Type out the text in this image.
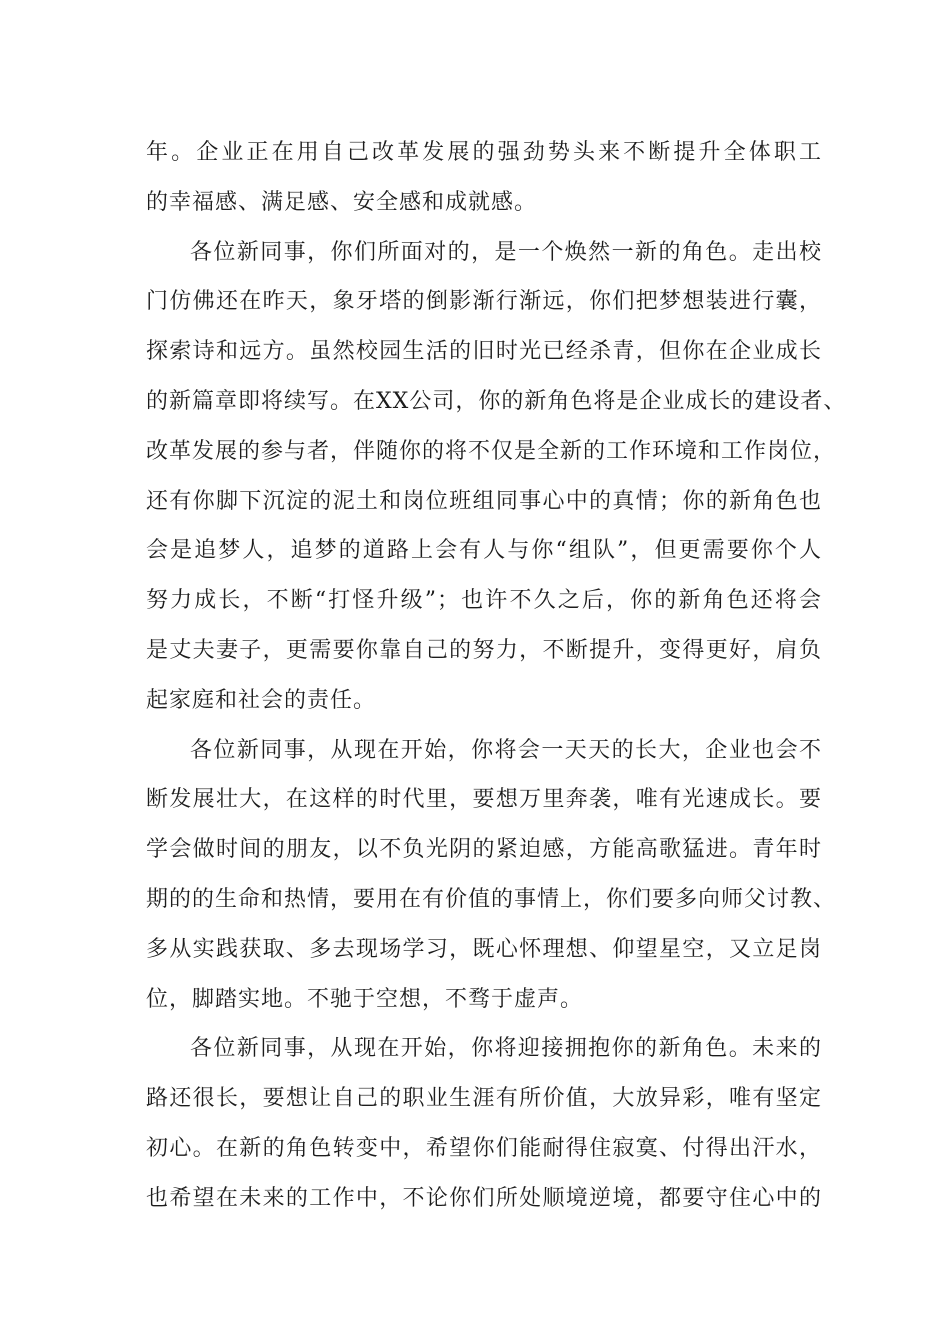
年。企业正在用自己改革发展的强劲势头来不断提升全体职工
的幸福感、满足感、安全感和成就感。
各位新同事，你们所面对的，是一个焕然一新的角色。走出校
门仿佛还在昨天，象牙塔的倒影渐行渐远，你们把梦想装进行囊，
探索诗和远方。虽然校园生活的旧时光已经杀青，但你在企业成长
的新篇章即将续写。在XX公司，你的新角色将是企业成长的建设者、
改革发展的参与者，伴随你的将不仅是全新的工作环境和工作岗位，
还有你脚下沉淀的泥土和岗位班组同事心中的真情；你的新角色也
会是追梦人，追梦的道路上会有人与你“组队”，但更需要你个人
努力成长，不断“打怪升级”；也许不久之后，你的新角色还将会
是丈夫妻子，更需要你靠自己的努力，不断提升，变得更好，肩负
起家庭和社会的责任。
各位新同事，从现在开始，你将会一天天的长大，企业也会不
断发展壮大，在这样的时代里，要想万里奔袭，唯有光速成长。要
学会做时间的朋友，以不负光阴的紧迫感，方能高歌猛进。青年时
期的的生命和热情，要用在有价值的事情上，你们要多向师父讨教、
多从实践获取、多去现场学习，既心怀理想、仰望星空，又立足岗
位，脚踏实地。不驰于空想，不骛于虚声。
各位新同事，从现在开始，你将迎接拥抱你的新角色。未来的
路还很长，要想让自己的职业生涯有所价值，大放异彩，唯有坚定
初心。在新的角色转变中，希望你们能耐得住寂寞、付得出汗水，
也希望在未来的工作中，不论你们所处顺境逆境，都要守住心中的
